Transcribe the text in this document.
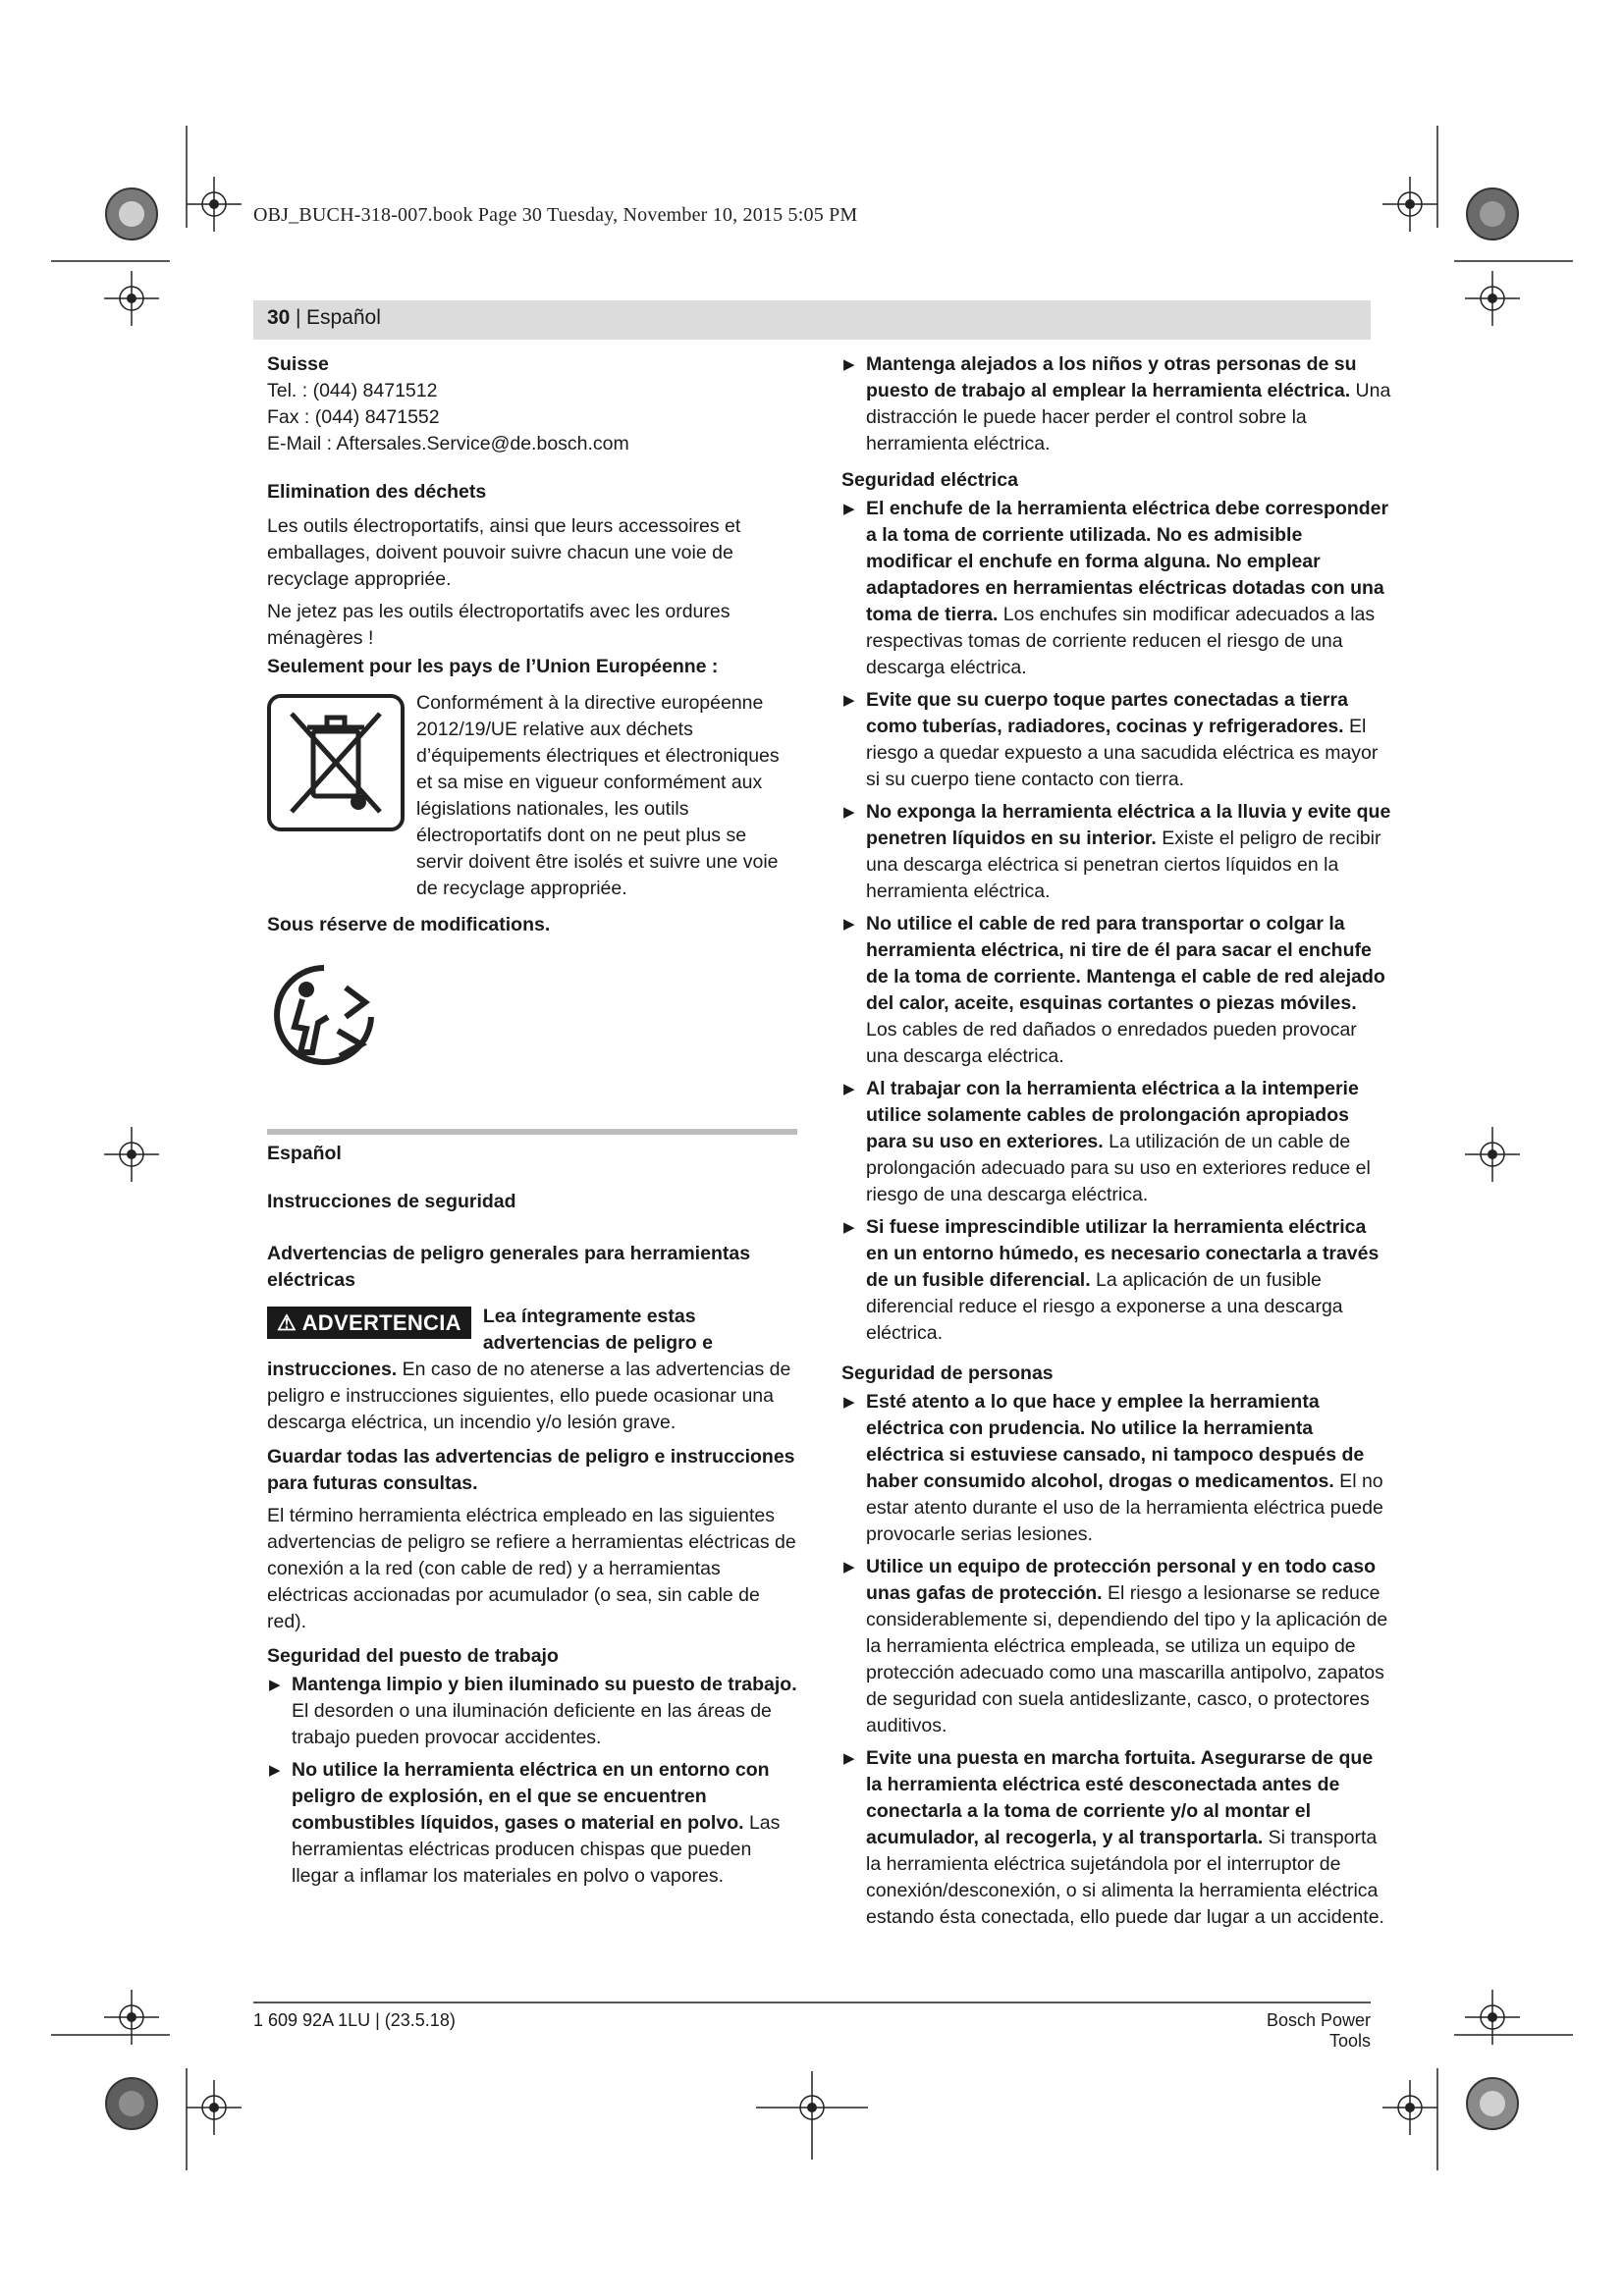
OBJ_BUCH-318-007.book Page 30 Tuesday, November 10, 2015 5:05 PM
30 | Español

Suisse

Tel. : (044) 8471512

Fax : (044) 8471552

E-Mail : Aftersales.Service@de.bosch.com

Elimination des déchets

Les outils électroportatifs, ainsi que leurs accessoires et emballages, doivent pouvoir suivre chacun une voie de recyclage appropriée.

Ne jetez pas les outils électroportatifs avec les ordures ménagères !

Seulement pour les pays de l’Union Européenne :

Conformément à la directive européenne 2012/19/UE relative aux déchets d’équipements électriques et électroniques et sa mise en vigueur conformément aux législations nationales, les outils électroportatifs dont on ne peut plus se servir doivent être isolés et suivre une voie de recyclage appropriée.

Sous réserve de modifications.

Español

Instrucciones de seguridad

Advertencias de peligro generales para herramientas eléctricas

⚠ ADVERTENCIA	Lea íntegramente estas advertencias de peligro e instrucciones. En caso de no atenerse a las advertencias de peligro e instrucciones siguientes, ello puede ocasionar una descarga eléctrica, un incendio y/o lesión grave.

Guardar todas las advertencias de peligro e instrucciones para futuras consultas.

El término herramienta eléctrica empleado en las siguientes advertencias de peligro se refiere a herramientas eléctricas de conexión a la red (con cable de red) y a herramientas eléctricas accionadas por acumulador (o sea, sin cable de red).

Seguridad del puesto de trabajo

▶ Mantenga limpio y bien iluminado su puesto de trabajo. El desorden o una iluminación deficiente en las áreas de trabajo pueden provocar accidentes.
▶ No utilice la herramienta eléctrica en un entorno con peligro de explosión, en el que se encuentren combustibles líquidos, gases o material en polvo. Las herramientas eléctricas producen chispas que pueden llegar a inflamar los materiales en polvo o vapores.
▶ Mantenga alejados a los niños y otras personas de su puesto de trabajo al emplear la herramienta eléctrica. Una distracción le puede hacer perder el control sobre la herramienta eléctrica.

Seguridad eléctrica

▶ El enchufe de la herramienta eléctrica debe corresponder a la toma de corriente utilizada. No es admisible modificar el enchufe en forma alguna. No emplear adaptadores en herramientas eléctricas dotadas con una toma de tierra. Los enchufes sin modificar adecuados a las respectivas tomas de corriente reducen el riesgo de una descarga eléctrica.
▶ Evite que su cuerpo toque partes conectadas a tierra como tuberías, radiadores, cocinas y refrigeradores. El riesgo a quedar expuesto a una sacudida eléctrica es mayor si su cuerpo tiene contacto con tierra.
▶ No exponga la herramienta eléctrica a la lluvia y evite que penetren líquidos en su interior. Existe el peligro de recibir una descarga eléctrica si penetran ciertos líquidos en la herramienta eléctrica.
▶ No utilice el cable de red para transportar o colgar la herramienta eléctrica, ni tire de él para sacar el enchufe de la toma de corriente. Mantenga el cable de red alejado del calor, aceite, esquinas cortantes o piezas móviles. Los cables de red dañados o enredados pueden provocar una descarga eléctrica.
▶ Al trabajar con la herramienta eléctrica a la intemperie utilice solamente cables de prolongación apropiados para su uso en exteriores. La utilización de un cable de prolongación adecuado para su uso en exteriores reduce el riesgo de una descarga eléctrica.
▶ Si fuese imprescindible utilizar la herramienta eléctrica en un entorno húmedo, es necesario conectarla a través de un fusible diferencial. La aplicación de un fusible diferencial reduce el riesgo a exponerse a una descarga eléctrica.

Seguridad de personas

▶ Esté atento a lo que hace y emplee la herramienta eléctrica con prudencia. No utilice la herramienta eléctrica si estuviese cansado, ni tampoco después de haber consumido alcohol, drogas o medicamentos. El no estar atento durante el uso de la herramienta eléctrica puede provocarle serias lesiones.
▶ Utilice un equipo de protección personal y en todo caso unas gafas de protección. El riesgo a lesionarse se reduce considerablemente si, dependiendo del tipo y la aplicación de la herramienta eléctrica empleada, se utiliza un equipo de protección adecuado como una mascarilla antipolvo, zapatos de seguridad con suela antideslizante, casco, o protectores auditivos.
▶ Evite una puesta en marcha fortuita. Asegurarse de que la herramienta eléctrica esté desconectada antes de conectarla a la toma de corriente y/o al montar el acumulador, al recogerla, y al transportarla. Si transporta la herramienta eléctrica sujetándola por el interruptor de conexión/desconexión, o si alimenta la herramienta eléctrica estando ésta conectada, ello puede dar lugar a un accidente.
1 609 92A 1LU | (23.5.18)	Bosch Power Tools
